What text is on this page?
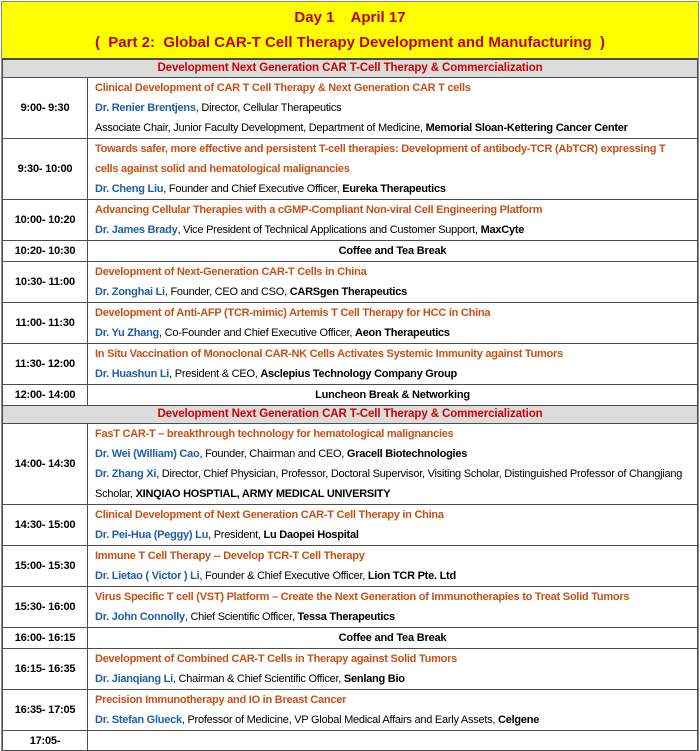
Day 1    April 17
(  Part 2:  Global CAR-T Cell Therapy Development and Manufacturing  )
Development Next Generation CAR T-Cell Therapy & Commercialization	
9:00- 9:30	Clinical Development of CAR T Cell Therapy & Next Generation CAR T cells
Dr. Renier Brentjens, Director, Cellular Therapeutics
Associate Chair, Junior Faculty Development, Department of Medicine, Memorial Sloan-Kettering Cancer Center

9:30- 10:00	Towards safer, more effective and persistent T-cell therapies: Development of antibody-TCR (AbTCR) expressing T cells against solid and hematological malignancies
Dr. Cheng Liu, Founder and Chief Executive Officer, Eureka Therapeutics

10:00- 10:20	Advancing Cellular Therapies with a cGMP-Compliant Non-viral Cell Engineering Platform
Dr. James Brady, Vice President of Technical Applications and Customer Support, MaxCyte

10:20- 10:30	Coffee and Tea Break
10:30- 11:00	Development of Next-Generation CAR-T Cells in China
Dr. Zonghai Li, Founder, CEO and CSO, CARSgen Therapeutics

11:00- 11:30	Development of Anti-AFP (TCR-mimic) Artemis T Cell Therapy for HCC in China
Dr. Yu Zhang, Co-Founder and Chief Executive Officer, Aeon Therapeutics

11:30- 12:00	In Situ Vaccination of Monoclonal CAR-NK Cells Activates Systemic Immunity against Tumors
Dr. Huashun Li, President & CEO, Asclepius Technology Company Group

12:00- 14:00	Luncheon Break & Networking
Development Next Generation CAR T-Cell Therapy & Commercialization	
14:00- 14:30	FasT CAR-T – breakthrough technology for hematological malignancies
Dr. Wei (William) Cao, Founder, Chairman and CEO, Gracell Biotechnologies
Dr. Zhang Xi, Director, Chief Physician, Professor, Doctoral Supervisor, Visiting Scholar, Distinguished Professor of Changjiang Scholar, XINQIAO HOSPTIAL, ARMY MEDICAL UNIVERSITY

14:30- 15:00	Clinical Development of Next Generation CAR-T Cell Therapy in China
Dr. Pei-Hua (Peggy) Lu, President, Lu Daopei Hospital

15:00- 15:30	Immune T Cell Therapy -- Develop TCR-T Cell Therapy
Dr. Lietao ( Victor ) Li, Founder & Chief Executive Officer, Lion TCR Pte. Ltd

15:30- 16:00	Virus Specific T cell (VST) Platform – Create the Next Generation of Immunotherapies to Treat Solid Tumors
Dr. John Connolly, Chief Scientific Officer, Tessa Therapeutics

16:00- 16:15	Coffee and Tea Break
16:15- 16:35	Development of Combined CAR-T Cells in Therapy against Solid Tumors
Dr. Jianqiang Li, Chairman & Chief Scientific Officer, Senlang Bio

16:35- 17:05	Precision Immunotherapy and IO in Breast Cancer
Dr. Stefan Glueck, Professor of Medicine, VP Global Medical Affairs and Early Assets, Celgene

17:05-	
